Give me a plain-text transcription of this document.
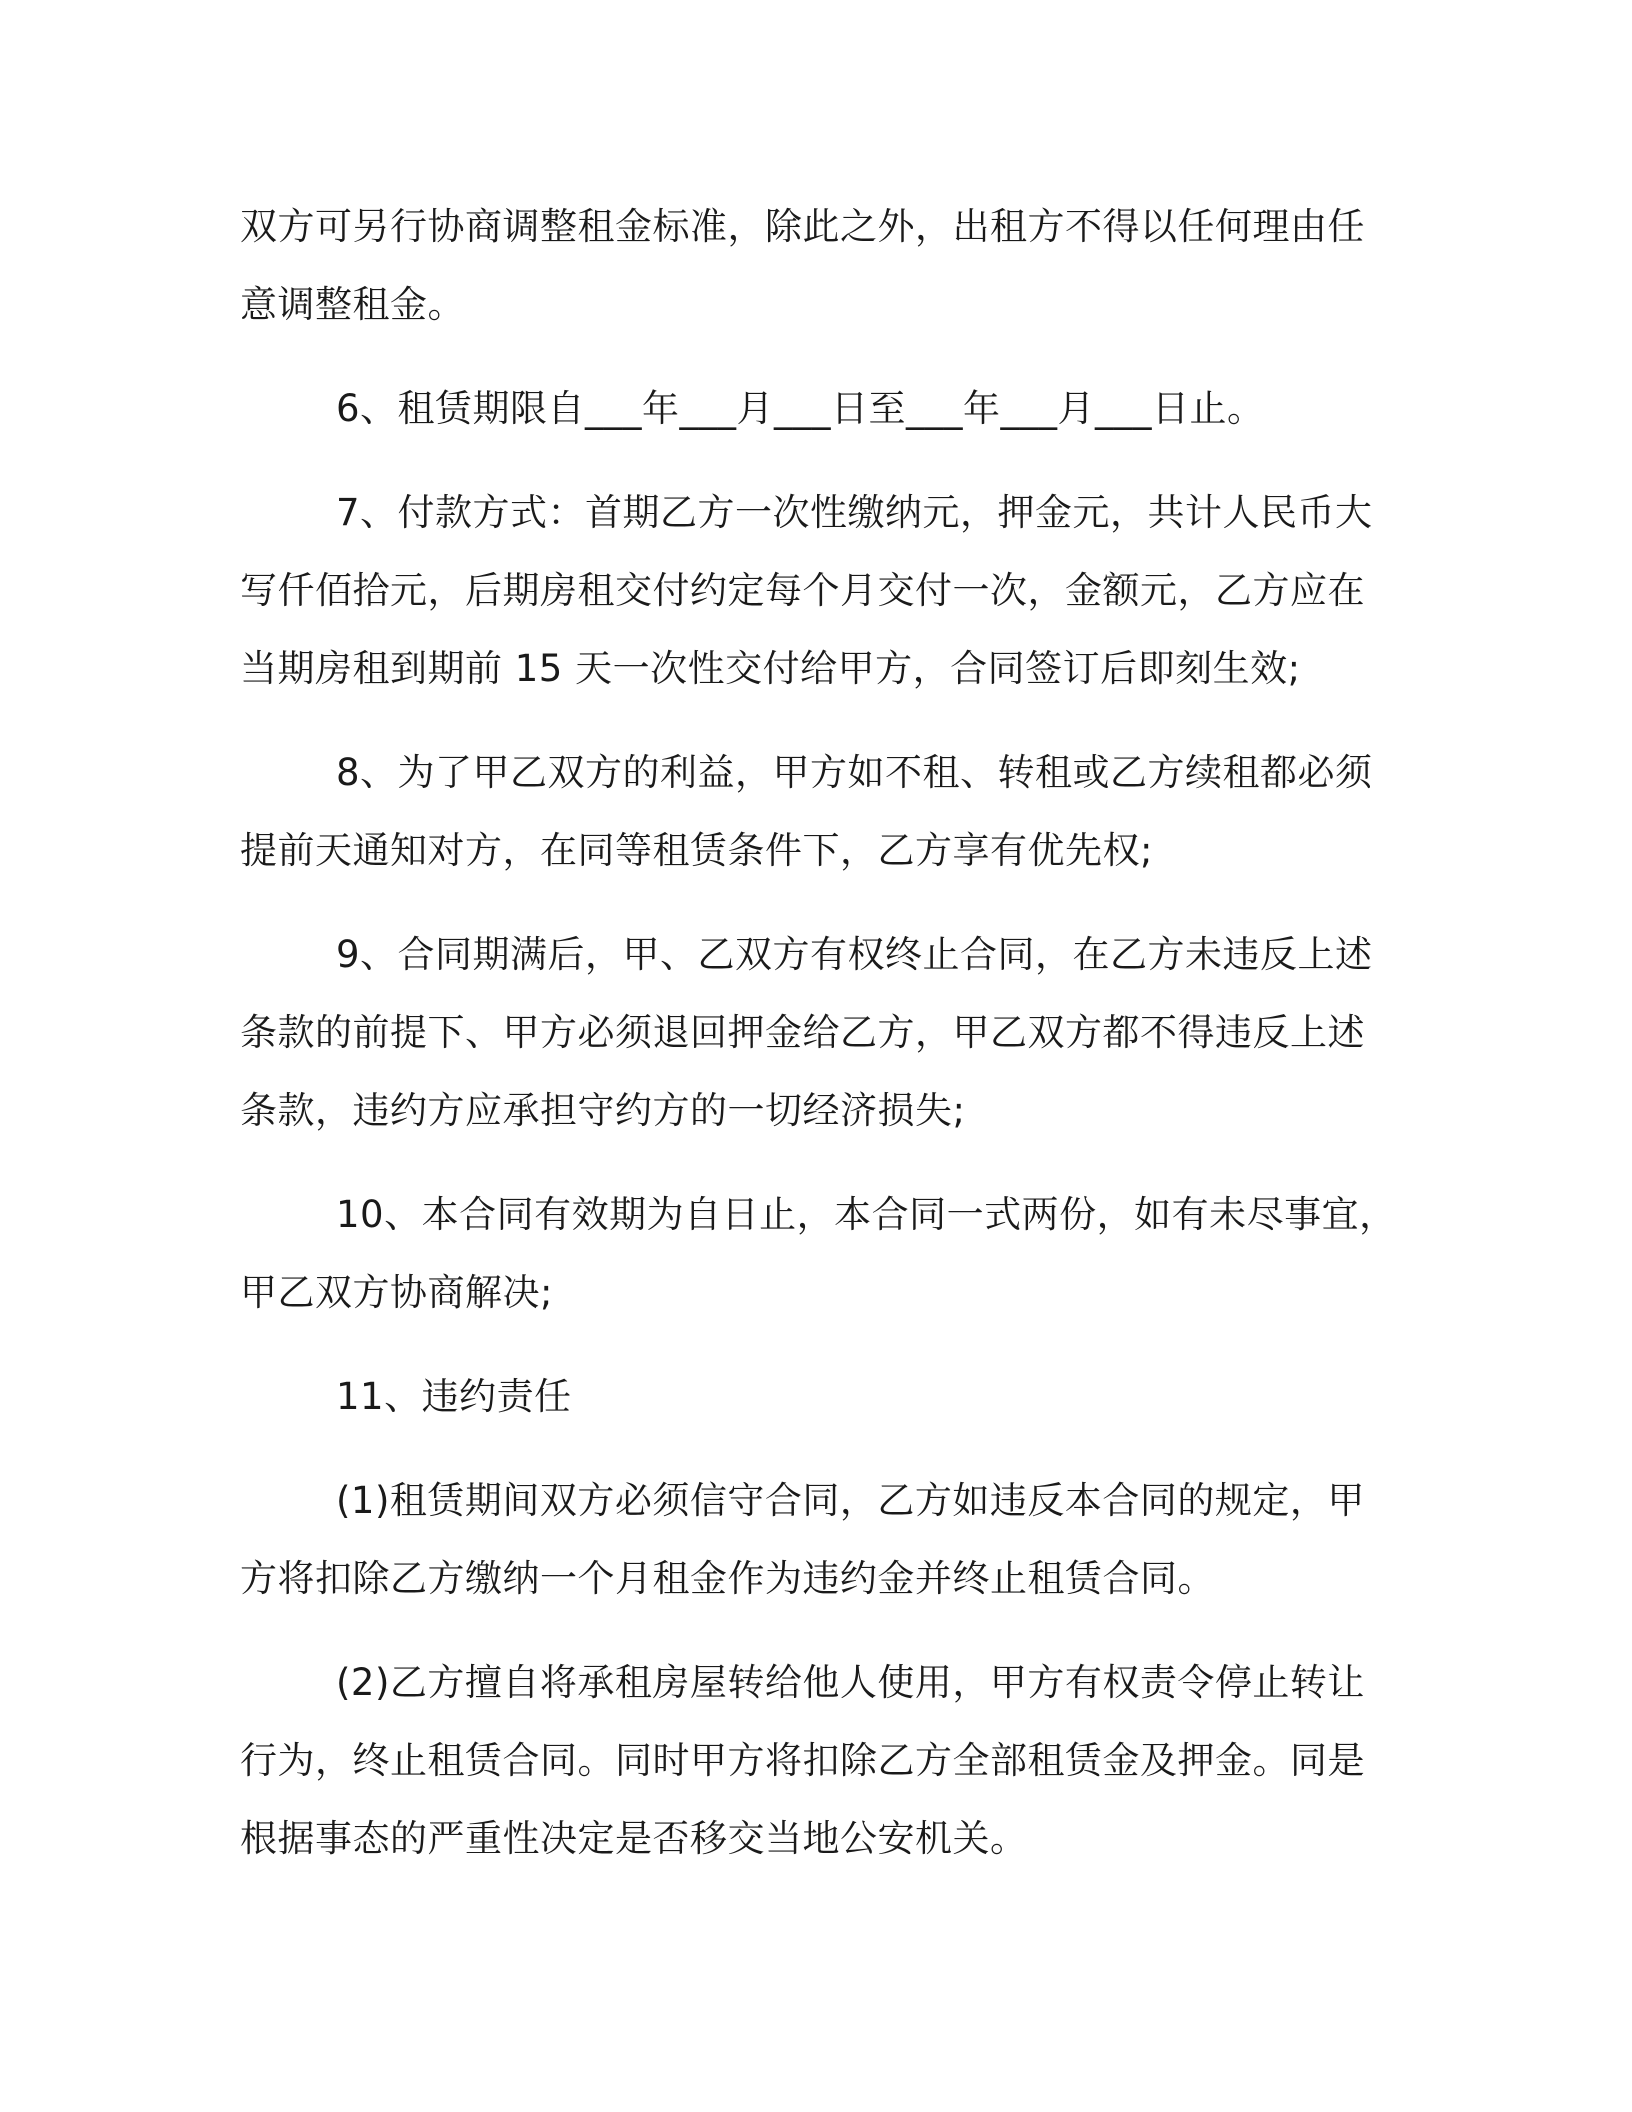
双方可另行协商调整租金标准，除此之外，出租方不得以任何理由任
意调整租金。

6、租赁期限自___年___月___日至___年___月___日止。

7、付款方式：首期乙方一次性缴纳元，押金元，共计人民币大
写仟佰拾元，后期房租交付约定每个月交付一次，金额元，乙方应在
当期房租到期前 15 天一次性交付给甲方，合同签订后即刻生效;

8、为了甲乙双方的利益，甲方如不租、转租或乙方续租都必须
提前天通知对方，在同等租赁条件下，乙方享有优先权;

9、合同期满后，甲、乙双方有权终止合同，在乙方未违反上述
条款的前提下、甲方必须退回押金给乙方，甲乙双方都不得违反上述
条款，违约方应承担守约方的一切经济损失;

10、本合同有效期为自日止，本合同一式两份，如有未尽事宜，
甲乙双方协商解决;

11、违约责任

(1)租赁期间双方必须信守合同，乙方如违反本合同的规定，甲
方将扣除乙方缴纳一个月租金作为违约金并终止租赁合同。

(2)乙方擅自将承租房屋转给他人使用，甲方有权责令停止转让
行为，终止租赁合同。同时甲方将扣除乙方全部租赁金及押金。同是
根据事态的严重性决定是否移交当地公安机关。
